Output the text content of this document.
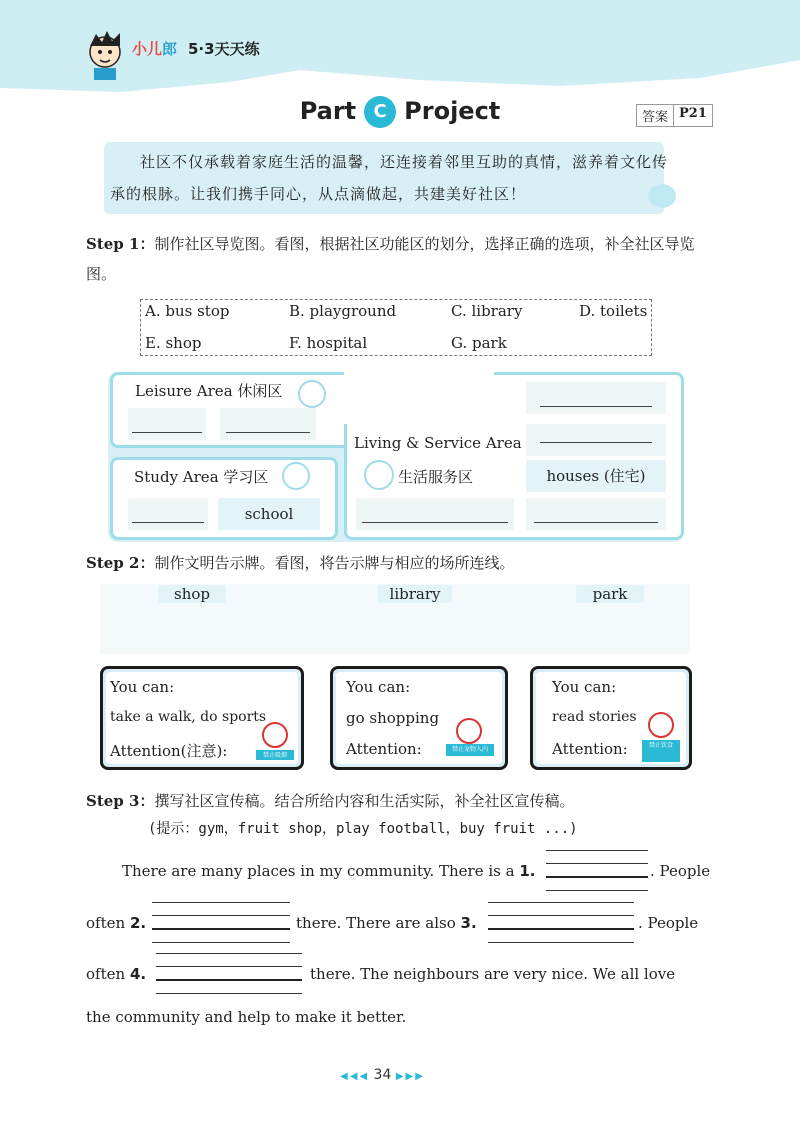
小儿郎 5·3天天练
Part C Project	答案 P21
社区不仅承载着家庭生活的温馨，还连接着邻里互助的真情，滋养着文化传承的根脉。让我们携手同心，从点滴做起，共建美好社区！
Step 1：制作社区导览图。看图，根据社区功能区的划分，选择正确的选项，补全社区导览图。
A. bus stop	B. playground	C. library	D. toilets
E. shop	F. hospital	G. park
Leisure Area 休闲区
Study Area 学习区
school
Living & Service Area
生活服务区	houses (住宅)
Step 2：制作文明告示牌。看图，将告示牌与相应的场所连线。
shop	library	park
You can:
take a walk, do sports
Attention(注意):	禁止吸烟
You can:
go shopping
Attention:	禁止宠物入内
You can:
read stories
Attention:	禁止饮食
Step 3：撰写社区宣传稿。结合所给内容和生活实际，补全社区宣传稿。
(提示：gym，fruit shop，play football，buy fruit ...)
There are many places in my community. There is a 1.	. People
often 2.	there. There are also 3.	. People
often 4.	there. The neighbours are very nice. We all love
the community and help to make it better.
◀◀◀ 34 ▶▶▶
